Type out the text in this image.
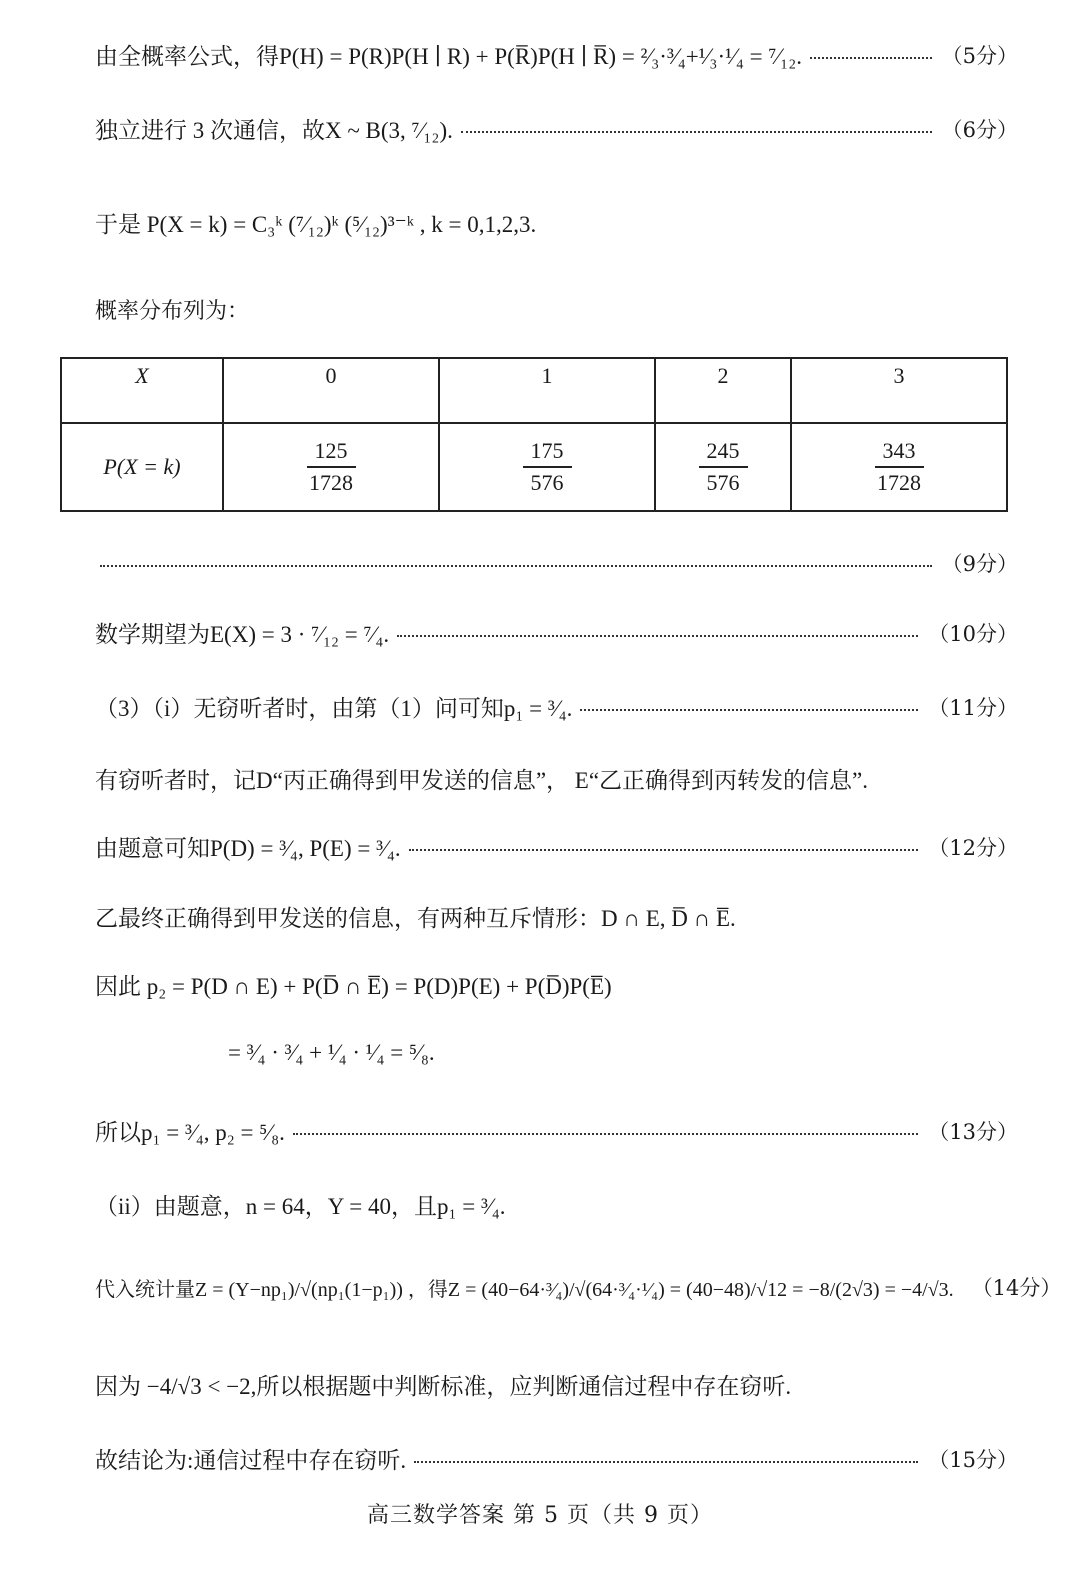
由全概率公式，得P(H) = P(R)P(H ∣ R) + P(R̅)P(H ∣ R̅) = ²⁄₃·³⁄₄+¹⁄₃·¹⁄₄ = ⁷⁄₁₂.	（5分）
独立进行 3 次通信，故X ~ B(3, ⁷⁄₁₂).	（6分）
于是 P(X = k) = C₃ᵏ (⁷⁄₁₂)ᵏ (⁵⁄₁₂)³⁻ᵏ , k = 0,1,2,3.
概率分布列为：
X	0	1	2	3
P(X = k)	$\frac{125}{1728}$	$\frac{175}{576}$	$\frac{245}{576}$	$\frac{343}{1728}$
（9分）
数学期望为E(X) = 3 · ⁷⁄₁₂ = ⁷⁄₄.	（10分）
（3）（i）无窃听者时，由第（1）问可知p₁ = ³⁄₄.	（11分）
有窃听者时，记D“丙正确得到甲发送的信息”， E“乙正确得到丙转发的信息”.
由题意可知P(D) = ³⁄₄, P(E) = ³⁄₄.	（12分）
乙最终正确得到甲发送的信息，有两种互斥情形：D ∩ E, D̅ ∩ E̅.
因此 p₂ = P(D ∩ E) + P(D̅ ∩ E̅) = P(D)P(E) + P(D̅)P(E̅)
= ³⁄₄ · ³⁄₄ + ¹⁄₄ · ¹⁄₄ = ⁵⁄₈.
所以p₁ = ³⁄₄, p₂ = ⁵⁄₈.	（13分）
（ii）由题意，n = 64，Y = 40，且p₁ = ³⁄₄.
代入统计量Z = (Y−np₁)/√(np₁(1−p₁)) ，得Z = (40−64·³⁄₄)/√(64·³⁄₄·¹⁄₄) = (40−48)/√12 = −8/(2√3) = −4/√3. （14分）
因为 −4/√3 < −2,所以根据题中判断标准，应判断通信过程中存在窃听.
故结论为:通信过程中存在窃听.	（15分）
高三数学答案 第 5 页（共 9 页）
